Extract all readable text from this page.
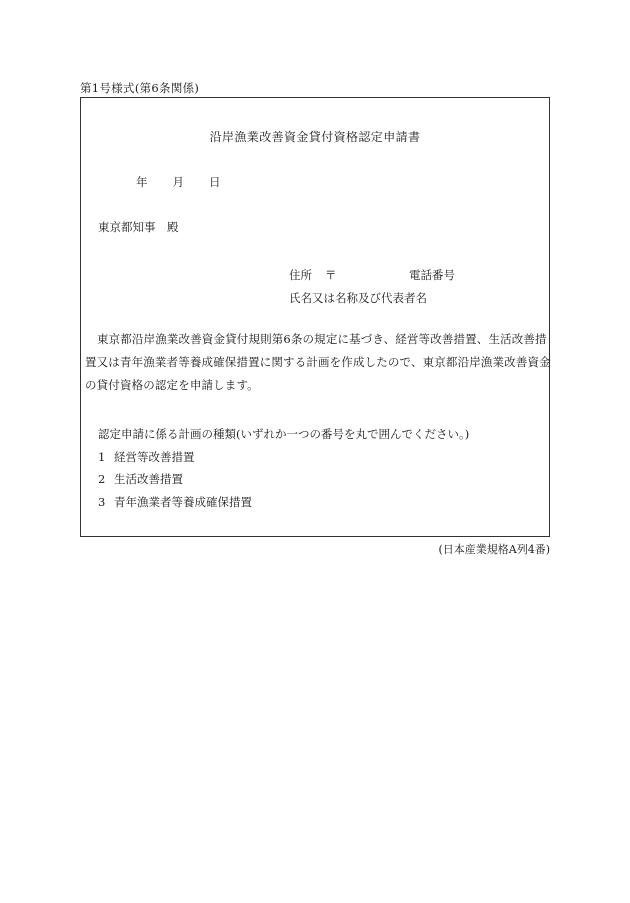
第1号様式(第6条関係)
沿岸漁業改善資金貸付資格認定申請書
年 月 日
東京都知事　殿
住所	〒	電話番号
氏名又は名称及び代表者名
東京都沿岸漁業改善資金貸付規則第6条の規定に基づき、経営等改善措置、生活改善措置又は青年漁業者等養成確保措置に関する計画を作成したので、東京都沿岸漁業改善資金の貸付資格の認定を申請します。
認定申請に係る計画の種類(いずれか一つの番号を丸で囲んでください。)
1 経営等改善措置
2 生活改善措置
3 青年漁業者等養成確保措置
(日本産業規格A列4番)
